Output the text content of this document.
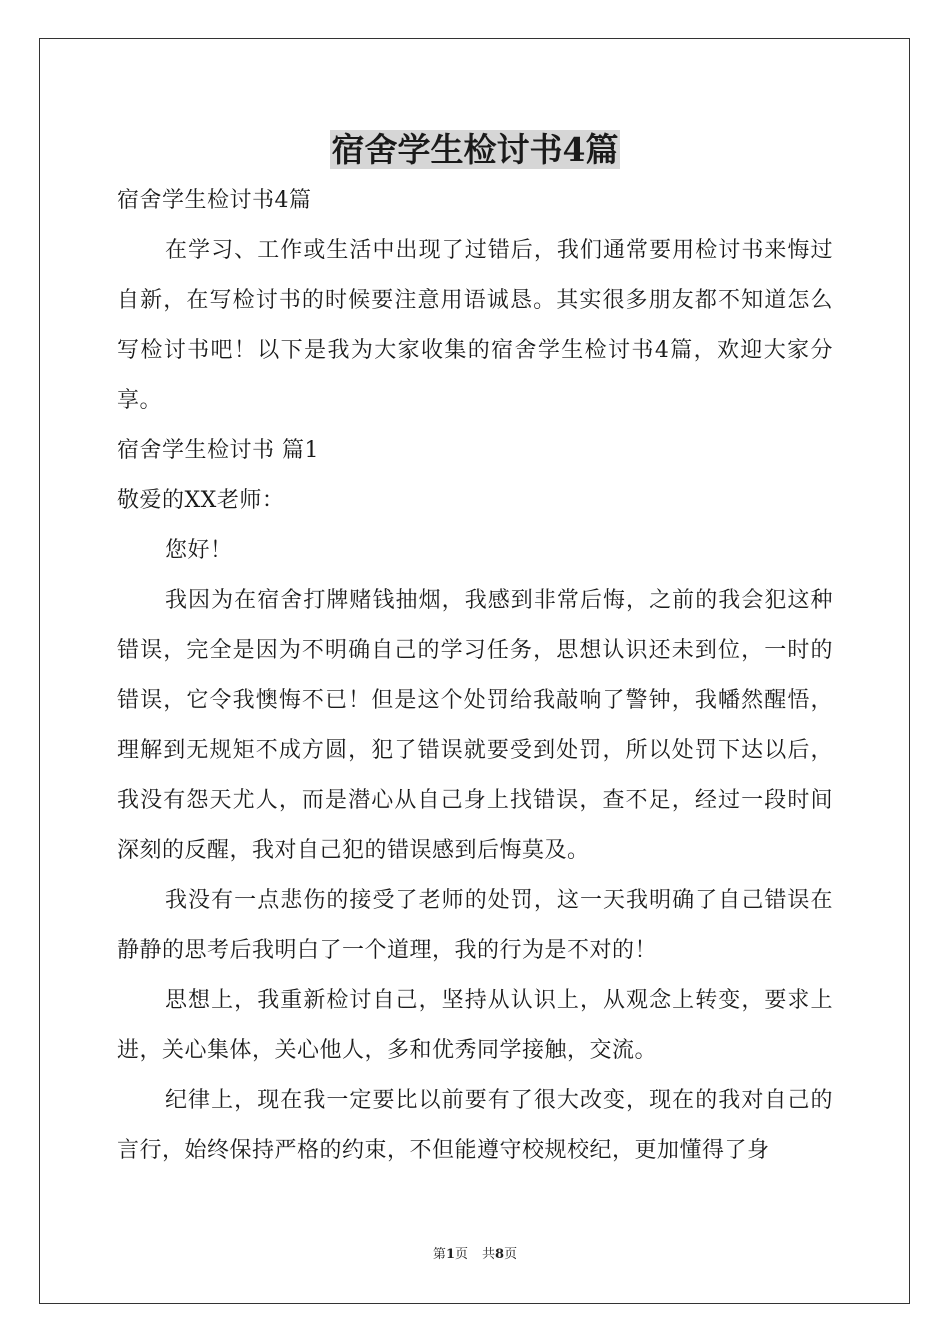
宿舍学生检讨书4篇

宿舍学生检讨书4篇

在学习、工作或生活中出现了过错后，我们通常要用检讨书来悔过自新，在写检讨书的时候要注意用语诚恳。其实很多朋友都不知道怎么写检讨书吧！以下是我为大家收集的宿舍学生检讨书4篇，欢迎大家分享。

宿舍学生检讨书 篇1

敬爱的XX老师：

您好！

我因为在宿舍打牌赌钱抽烟，我感到非常后悔，之前的我会犯这种错误，完全是因为不明确自己的学习任务，思想认识还未到位，一时的错误，它令我懊悔不已！但是这个处罚给我敲响了警钟，我幡然醒悟，理解到无规矩不成方圆，犯了错误就要受到处罚，所以处罚下达以后，我没有怨天尤人，而是潜心从自己身上找错误，查不足，经过一段时间深刻的反醒，我对自己犯的错误感到后悔莫及。

我没有一点悲伤的接受了老师的处罚，这一天我明确了自己错误在静静的思考后我明白了一个道理，我的行为是不对的！

思想上，我重新检讨自己，坚持从认识上，从观念上转变，要求上进，关心集体，关心他人，多和优秀同学接触，交流。

纪律上，现在我一定要比以前要有了很大改变，现在的我对自己的言行，始终保持严格的约束，不但能遵守校规校纪，更加懂得了身

第1页 共8页
